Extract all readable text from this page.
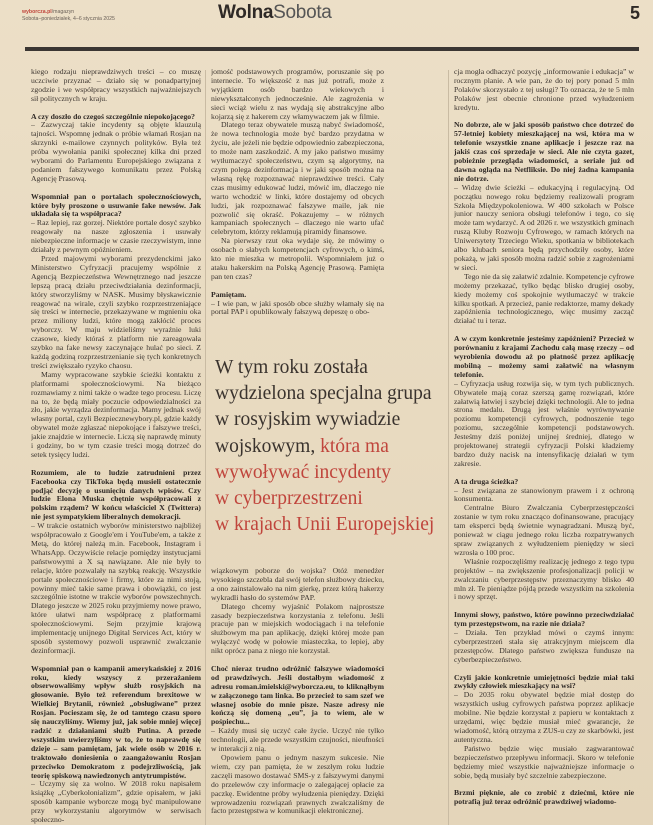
wyborcza.pl/magazyn
Sobota–poniedziałek, 4–6 stycznia 2025	WolnaSobota	5

kiego rodzaju nieprawdziwych treści – co muszę uczciwie przyznać – działo się w ponadpartyjnej zgodzie i we współpracy wszystkich najważniejszych sił politycznych w kraju.

A czy doszło do czegoś szczególnie niepokojącego?

– Zazwyczaj takie incydenty są objęte klauzulą tajności. Wspomnę jednak o próbie włamań Rosjan na skrzynki e-mailowe czynnych polityków. Była też próba wywołania paniki społecznej kilka dni przed wyborami do Parlamentu Europejskiego związana z podaniem fałszywego komunikatu przez Polską Agencję Prasową.

Wspomniał pan o portalach społecznościowych, które były proszone o usuwanie fake newsów. Jak układała się ta współpraca?

– Raz lepiej, raz gorzej. Niektóre portale dosyć szybko reagowały na nasze zgłoszenia i usuwały niebezpieczne informacje w czasie rzeczywistym, inne działały z pewnym opóźnieniem.

Przed majowymi wyborami prezydenckimi jako Ministerstwo Cyfryzacji pracujemy wspólnie z Agencją Bezpieczeństwa Wewnętrznego nad jeszcze lepszą pracą działu przeciwdziałania dezinformacji, który stworzyliśmy w NASK. Musimy błyskawicznie reagować na wirale, czyli szybko rozprzestrzeniające się treści w internecie, przekazywane w mgnieniu oka przez miliony ludzi, które mogą zakłócić proces wyborczy. W maju widzieliśmy wyraźnie luki czasowe, kiedy któraś z platform nie zareagowała szybko na fake newsy zaczynające hulać po sieci. Z każdą godziną rozprzestrzenianie się tych konkretnych treści zwiększało ryzyko chaosu.

Mamy wypracowane szybkie ścieżki kontaktu z platformami społecznościowymi. Na bieżąco rozmawiamy z nimi także o wadze tego procesu. Liczę na to, że będą miały poczucie odpowiedzialności za zło, jakie wyrządza dezinformacja. Mamy jednak swój własny portal, czyli Bezpiecznewybory.pl, gdzie każdy obywatel może zgłaszać niepokojące i fałszywe treści, jakie znajdzie w internecie. Liczą się naprawdę minuty i godziny, bo w tym czasie treści mogą dotrzeć do setek tysięcy ludzi.

Rozumiem, ale to ludzie zatrudnieni przez Facebooka czy TikToka będą musieli ostatecznie podjąć decyzję o usunięciu danych wpisów. Czy ludzie Elona Muska chętnie współpracowali z polskim rządem? W końcu właściciel X (Twittera) nie jest sympatykiem liberalnych demokracji.

– W trakcie ostatnich wyborów ministerstwo najbliżej współpracowało z Google'em i YouTube'em, a także z Metą, do której należą m.in. Facebook, Instagram i WhatsApp. Oczywiście relacje pomiędzy instytucjami państwowymi a X są nawiązane. Ale nie były to relacje, które pozwalały na szybką reakcję. Wszystkie portale społecznościowe i firmy, które za nimi stoją, powinny mieć takie same prawa i obowiązki, co jest szczególnie istotne w trakcie wyborów powszechnych. Dlatego jeszcze w 2025 roku przyjmiemy nowe prawo, które ułatwi nam współpracę z platformami społecznościowymi. Sejm przyjmie krajową implementację unijnego Digital Services Act, który w sposób systemowy pozwoli usprawnić zwalczanie dezinformacji.

Wspomniał pan o kampanii amerykańskiej z 2016 roku, kiedy wszyscy z przerażaniem obserwowaliśmy wpływ służb rosyjskich na głosowanie. Było też referendum brexitowe w Wielkiej Brytanii, również „obsługiwane” przez Rosjan. Pocieszam się, że od tamtego czasu sporo się nauczyliśmy. Wiemy już, jak sobie mniej więcej radzić z działaniami służb Putina. A przede wszystkim uwierzyliśmy w to, że to naprawdę się dzieje – sam pamiętam, jak wiele osób w 2016 r. traktowało doniesienia o zaangażowaniu Rosjan przeciwko Demokratom z podejrzliwością, jak teorię spiskową nawiedzonych antytrumpistów.

– Uczymy się za wolno. W 2018 roku napisałem książkę „Cyberkolonializm”, gdzie opisałem, w jaki sposób kampanie wyborcze mogą być manipulowane przy wykorzystaniu algorytmów w serwisach społeczno-

jomość podstawowych programów, poruszanie się po internecie. To większość z nas już potrafi, może z wyjątkiem osób bardzo wiekowych i niewykształconych jednocześnie. Ale zagrożenia w sieci wciąż wielu z nas wydają się abstrakcyjne albo kojarzą się z hakerem czy włamywaczem jak w filmie.

Dlatego teraz obywatele muszą nabyć świadomość, że nowa technologia może być bardzo przydatna w życiu, ale jeżeli nie będzie odpowiednio zabezpieczona, to może nam zaszkodzić. A my jako państwo musimy wytłumaczyć społeczeństwu, czym są algorytmy, na czym polega dezinformacja i w jaki sposób można na własną rękę rozpoznawać nieprawdziwe treści. Cały czas musimy edukować ludzi, mówić im, dlaczego nie warto wchodzić w linki, które dostajemy od obcych ludzi, jak rozpoznawać fałszywe maile, jak nie pozwolić się okraść. Pokazujemy – w różnych kampaniach społecznych – dlaczego nie warto ufać celebrytom, którzy reklamują piramidy finansowe.

Na pierwszy rzut oka wydaje się, że mówimy o osobach o słabych kompetencjach cyfrowych, o kimś, kto nie mieszka w metropolii. Wspomniałem już o ataku hakerskim na Polską Agencję Prasową. Pamięta pan ten czas?

Pamiętam.

– I wie pan, w jaki sposób obce służby włamały się na portal PAP i opublikowały fałszywą depeszę o obo-

W tym roku została
wydzielona specjalna grupa
w rosyjskim wywiadzie
wojskowym, która ma
wywoływać incydenty
w cyberprzestrzeni
w krajach Unii Europejskiej

wiązkowym poborze do wojska? Otóż menedżer wysokiego szczebla dał swój telefon służbowy dziecku, a ono zainstalowało na nim gierkę, przez którą hakerzy wykradli hasło do systemów PAP.

Dlatego chcemy wyjaśnić Polakom najprostsze zasady bezpieczeństwa korzystania z telefonu. Jeśli pracuje pan w miejskich wodociągach i na telefonie służbowym ma pan aplikację, dzięki której może pan wyłączyć wodę w połowie miasteczka, to lepiej, aby nikt oprócz pana z niego nie korzystał.

Choć nieraz trudno odróżnić fałszywe wiadomości od prawdziwych. Jeśli dostałbym wiadomość z adresu roman.imielski@wyborcza.eu, to kliknąłbym w załączonego tam linka. Bo przecież to sam szef we własnej osobie do mnie pisze. Nasze adresy nie kończą się domeną „eu”, ja to wiem, ale w pośpiechu...

– Każdy musi się uczyć całe życie. Uczyć nie tylko technologii, ale przede wszystkim czujności, nieufności w interakcji z nią.

Opowiem panu o jednym naszym sukcesie. Nie wiem, czy pan pamięta, że w zeszłym roku ludzie zaczęli masowo dostawać SMS-y z fałszywymi danymi do przelewów czy informacje o zalegającej opłacie za paczkę. Ewidentne próby wyłudzenia pieniędzy. Dzięki wprowadzeniu rozwiązań prawnych zwalczaliśmy de facto przestępstwa w komunikacji elektronicznej.

cja mogła odhaczyć pozycję „informowanie i edukacja” w rocznym planie. A wie pan, że do tej pory ponad 5 mln Polaków skorzystało z tej usługi? To oznacza, że te 5 mln Polaków jest obecnie chronione przed wyłudzeniem kredytu.

No dobrze, ale w jaki sposób państwo chce dotrzeć do 57-letniej kobiety mieszkającej na wsi, która ma w telefonie wszystkie znane aplikacje i jeszcze raz na jakiś czas coś sprzedaje w sieci. Ale nie czyta gazet, pobieżnie przegląda wiadomości, a seriale już od dawna ogląda na Netfliksie. Do niej żadna kampania nie dotrze.

– Widzę dwie ścieżki – edukacyjną i regulacyjną. Od początku nowego roku będziemy realizowali program Szkoła Międzypokoleniowa. W 400 szkołach w Polsce junior nauczy seniora obsługi telefonów i tego, co się może tam wydarzyć. A od 2026 r. we wszystkich gminach ruszą Kluby Rozwoju Cyfrowego, w ramach których na Uniwersytety Trzeciego Wieku, spotkania w bibliotekach albo klubach seniora będą przychodziły osoby, które pokażą, w jaki sposób można radzić sobie z zagrożeniami w sieci.

Tego nie da się załatwić zdalnie. Kompetencje cyfrowe możemy przekazać, tylko będąc blisko drugiej osoby, kiedy możemy coś spokojnie wytłumaczyć w trakcie kilku spotkań. A przecież, panie redaktorze, mamy dekady zapóźnienia technologicznego, więc musimy zacząć działać tu i teraz.

A w czym konkretnie jesteśmy zapóźnieni? Przecież w porównaniu z krajami Zachodu całą masę rzeczy – od wyrobienia dowodu aż po płatność przez aplikację mobilną – możemy sami załatwić na własnym telefonie.

– Cyfryzacja usług rozwija się, w tym tych publicznych. Obywatele mają coraz szerszą gamę rozwiązań, które załatwią łatwiej i szybciej dzięki technologii. Ale to jedna strona medalu. Drugą jest właśnie wyrównywanie poziomu kompetencji cyfrowych, podnoszenie tego poziomu, szczególnie kompetencji podstawowych. Jesteśmy dziś poniżej unijnej średniej, dlatego w projektowanej strategii cyfryzacji Polski kładziemy bardzo duży nacisk na intensyfikację działań w tym zakresie.

A ta druga ścieżka?

– Jest związana ze stanowionym prawem i z ochroną konsumenta.

Centralne Biuro Zwalczania Cyberprzestępczości zostanie w tym roku znacząco dofinansowane, pracujący tam eksperci będą świetnie wynagradzani. Muszą być, ponieważ w ciągu jednego roku liczba rozpatrywanych spraw związanych z wyłudzeniem pieniędzy w sieci wzrosła o 100 proc.

Właśnie rozpoczęliśmy realizację jednego z tego typu projektów – na zwiększenie profesjonalizacji policji w zwalczaniu cyberprzestępstw przeznaczymy blisko 40 mln zł. Te pieniądze pójdą przede wszystkim na szkolenia i nowy sprzęt.

Innymi słowy, państwo, które powinno przeciwdziałać tym przestępstwom, na razie nie działa?

– Działa. Ten przykład mówi o czymś innym: cyberprzestrzeń stała się atrakcyjnym miejscem dla przestępców. Dlatego państwo zwiększa fundusze na cyberbezpieczeństwo.

Czyli jakie konkretnie umiejętności będzie miał taki zwykły człowiek mieszkający na wsi?

– Do 2035 roku obywatel będzie miał dostęp do wszystkich usług cyfrowych państwa poprzez aplikacje mobilne. Nie będzie korzystał z papieru w kontaktach z urzędami, więc będzie musiał mieć gwarancje, że wiadomość, którą otrzyma z ZUS-u czy ze skarbówki, jest autentyczna.

Państwo będzie więc musiało zagwarantować bezpieczeństwo przepływu informacji. Skoro w telefonie będziemy mieć wszystkie najważniejsze informacje o sobie, będą musiały być szczelnie zabezpieczone.

Brzmi pięknie, ale co zrobić z dziećmi, które nie potrafią już teraz odróżnić prawdziwej wiadomo-
